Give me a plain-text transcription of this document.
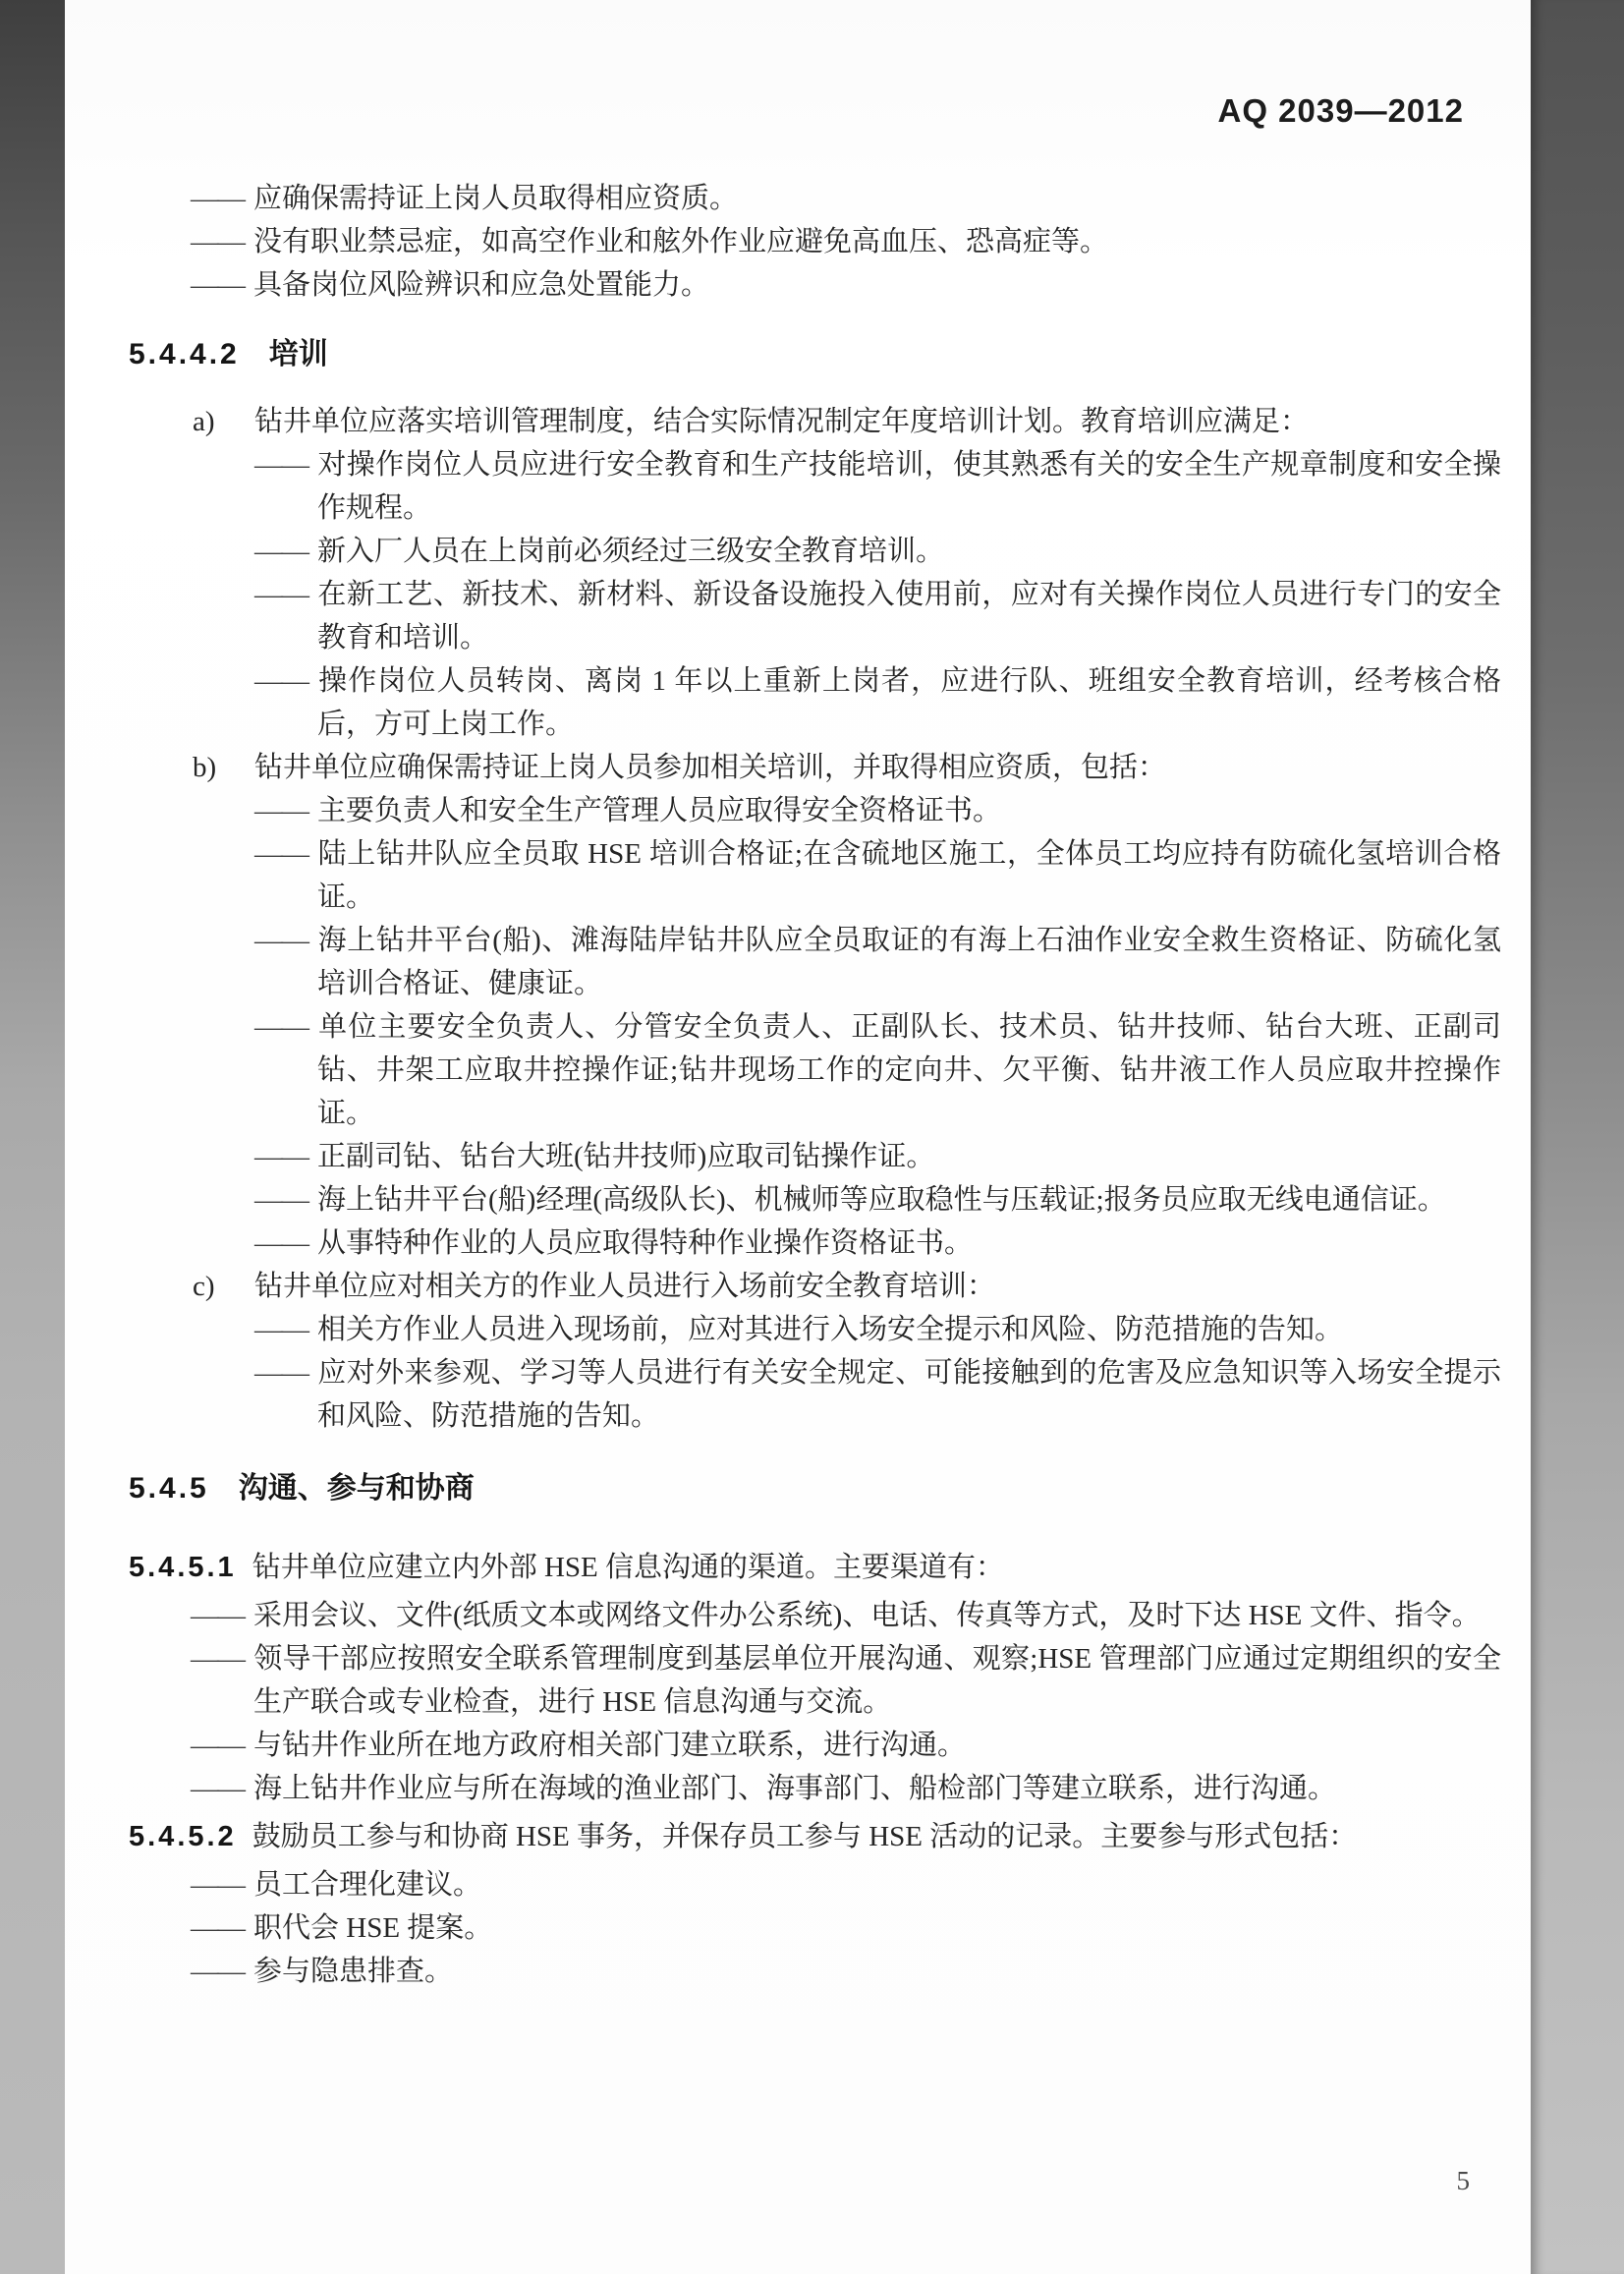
AQ 2039—2012

—— 应确保需持证上岗人员取得相应资质。

—— 没有职业禁忌症，如高空作业和舷外作业应避免高血压、恐高症等。

—— 具备岗位风险辨识和应急处置能力。

5.4.4.2 培训

a) 钻井单位应落实培训管理制度，结合实际情况制定年度培训计划。教育培训应满足：

—— 对操作岗位人员应进行安全教育和生产技能培训，使其熟悉有关的安全生产规章制度和安全操作规程。

—— 新入厂人员在上岗前必须经过三级安全教育培训。

—— 在新工艺、新技术、新材料、新设备设施投入使用前，应对有关操作岗位人员进行专门的安全教育和培训。

—— 操作岗位人员转岗、离岗 1 年以上重新上岗者，应进行队、班组安全教育培训，经考核合格后，方可上岗工作。

b) 钻井单位应确保需持证上岗人员参加相关培训，并取得相应资质，包括：

—— 主要负责人和安全生产管理人员应取得安全资格证书。

—— 陆上钻井队应全员取 HSE 培训合格证;在含硫地区施工，全体员工均应持有防硫化氢培训合格证。

—— 海上钻井平台(船)、滩海陆岸钻井队应全员取证的有海上石油作业安全救生资格证、防硫化氢培训合格证、健康证。

—— 单位主要安全负责人、分管安全负责人、正副队长、技术员、钻井技师、钻台大班、正副司钻、井架工应取井控操作证;钻井现场工作的定向井、欠平衡、钻井液工作人员应取井控操作证。

—— 正副司钻、钻台大班(钻井技师)应取司钻操作证。

—— 海上钻井平台(船)经理(高级队长)、机械师等应取稳性与压载证;报务员应取无线电通信证。

—— 从事特种作业的人员应取得特种作业操作资格证书。

c) 钻井单位应对相关方的作业人员进行入场前安全教育培训：

—— 相关方作业人员进入现场前，应对其进行入场安全提示和风险、防范措施的告知。

—— 应对外来参观、学习等人员进行有关安全规定、可能接触到的危害及应急知识等入场安全提示和风险、防范措施的告知。

5.4.5 沟通、参与和协商

5.4.5.1 钻井单位应建立内外部 HSE 信息沟通的渠道。主要渠道有：

—— 采用会议、文件(纸质文本或网络文件办公系统)、电话、传真等方式，及时下达 HSE 文件、指令。

—— 领导干部应按照安全联系管理制度到基层单位开展沟通、观察;HSE 管理部门应通过定期组织的安全生产联合或专业检查，进行 HSE 信息沟通与交流。

—— 与钻井作业所在地方政府相关部门建立联系，进行沟通。

—— 海上钻井作业应与所在海域的渔业部门、海事部门、船检部门等建立联系，进行沟通。

5.4.5.2 鼓励员工参与和协商 HSE 事务，并保存员工参与 HSE 活动的记录。主要参与形式包括：

—— 员工合理化建议。

—— 职代会 HSE 提案。

—— 参与隐患排查。

5
